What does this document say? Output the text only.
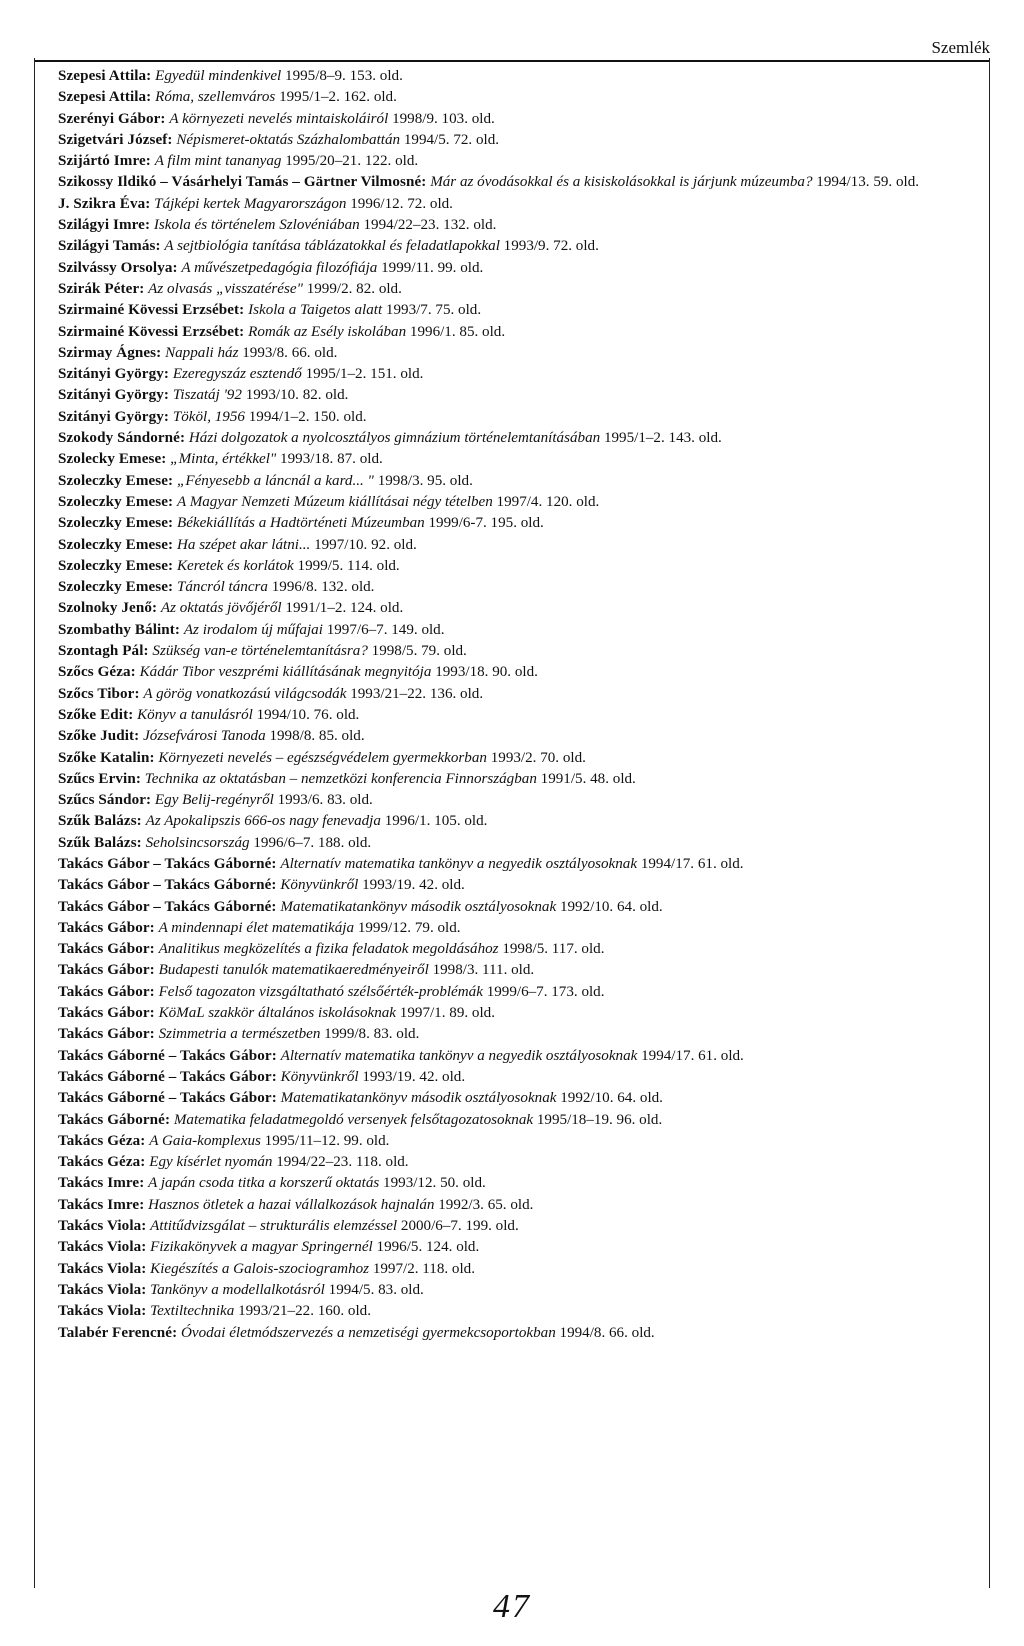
Szemlék

Szepesi Attila: Egyedül mindenkivel 1995/8–9. 153. old.

Szepesi Attila: Róma, szellemváros 1995/1–2. 162. old.

Szerényi Gábor: A környezeti nevelés mintaiskoláiról 1998/9. 103. old.

Szigetvári József: Népismeret-oktatás Százhalombattán 1994/5. 72. old.

Szijártó Imre: A film mint tananyag 1995/20–21. 122. old.

Szikossy Ildikó – Vásárhelyi Tamás – Gärtner Vilmosné: Már az óvodásokkal és a kisiskolásokkal is járjunk múzeumba? 1994/13. 59. old.

J. Szikra Éva: Tájképi kertek Magyarországon 1996/12. 72. old.

Szilágyi Imre: Iskola és történelem Szlovéniában 1994/22–23. 132. old.

Szilágyi Tamás: A sejtbiológia tanítása táblázatokkal és feladatlapokkal 1993/9. 72. old.

Szilvássy Orsolya: A művészetpedagógia filozófiája 1999/11. 99. old.

Szirák Péter: Az olvasás „visszatérése" 1999/2. 82. old.

Szirmainé Kövessi Erzsébet: Iskola a Taigetos alatt 1993/7. 75. old.

Szirmainé Kövessi Erzsébet: Romák az Esély iskolában 1996/1. 85. old.

Szirmay Ágnes: Nappali ház 1993/8. 66. old.

Szitányi György: Ezeregyszáz esztendő 1995/1–2. 151. old.

Szitányi György: Tiszatáj '92 1993/10. 82. old.

Szitányi György: Tököl, 1956 1994/1–2. 150. old.

Szokody Sándorné: Házi dolgozatok a nyolcosztályos gimnázium történelemtanításában 1995/1–2. 143. old.

Szolecky Emese: „Minta, értékkel" 1993/18. 87. old.

Szoleczky Emese: „Fényesebb a láncnál a kard... " 1998/3. 95. old.

Szoleczky Emese: A Magyar Nemzeti Múzeum kiállításai négy tételben 1997/4. 120. old.

Szoleczky Emese: Békekiállítás a Hadtörténeti Múzeumban 1999/6-7. 195. old.

Szoleczky Emese: Ha szépet akar látni... 1997/10. 92. old.

Szoleczky Emese: Keretek és korlátok 1999/5. 114. old.

Szoleczky Emese: Táncról táncra 1996/8. 132. old.

Szolnoky Jenő: Az oktatás jövőjéről 1991/1–2. 124. old.

Szombathy Bálint: Az irodalom új műfajai 1997/6–7. 149. old.

Szontagh Pál: Szükség van-e történelemtanításra? 1998/5. 79. old.

Szőcs Géza: Kádár Tibor veszprémi kiállításának megnyitója 1993/18. 90. old.

Szőcs Tibor: A görög vonatkozású világcsodák 1993/21–22. 136. old.

Szőke Edit: Könyv a tanulásról 1994/10. 76. old.

Szőke Judit: Józsefvárosi Tanoda 1998/8. 85. old.

Szőke Katalin: Környezeti nevelés – egészségvédelem gyermekkorban 1993/2. 70. old.

Szűcs Ervin: Technika az oktatásban – nemzetközi konferencia Finnországban 1991/5. 48. old.

Szűcs Sándor: Egy Belij-regényről 1993/6. 83. old.

Szűk Balázs: Az Apokalipszis 666-os nagy fenevadja 1996/1. 105. old.

Szűk Balázs: Seholsincsország 1996/6–7. 188. old.

Takács Gábor – Takács Gáborné: Alternatív matematika tankönyv a negyedik osztályosoknak 1994/17. 61. old.

Takács Gábor – Takács Gáborné: Könyvünkről 1993/19. 42. old.

Takács Gábor – Takács Gáborné: Matematikatankönyv második osztályosoknak 1992/10. 64. old.

Takács Gábor: A mindennapi élet matematikája 1999/12. 79. old.

Takács Gábor: Analitikus megközelítés a fizika feladatok megoldásához 1998/5. 117. old.

Takács Gábor: Budapesti tanulók matematikaeredményeiről 1998/3. 111. old.

Takács Gábor: Felső tagozaton vizsgáltatható szélsőérték-problémák 1999/6–7. 173. old.

Takács Gábor: KöMaL szakkör általános iskolásoknak 1997/1. 89. old.

Takács Gábor: Szimmetria a természetben 1999/8. 83. old.

Takács Gáborné – Takács Gábor: Alternatív matematika tankönyv a negyedik osztályosoknak 1994/17. 61. old.

Takács Gáborné – Takács Gábor: Könyvünkről 1993/19. 42. old.

Takács Gáborné – Takács Gábor: Matematikatankönyv második osztályosoknak 1992/10. 64. old.

Takács Gáborné: Matematika feladatmegoldó versenyek felsőtagozatosoknak 1995/18–19. 96. old.

Takács Géza: A Gaia-komplexus 1995/11–12. 99. old.

Takács Géza: Egy kísérlet nyomán 1994/22–23. 118. old.

Takács Imre: A japán csoda titka a korszerű oktatás 1993/12. 50. old.

Takács Imre: Hasznos ötletek a hazai vállalkozások hajnalán 1992/3. 65. old.

Takács Viola: Attitűdvizsgálat – strukturális elemzéssel 2000/6–7. 199. old.

Takács Viola: Fizikakönyvek a magyar Springernél 1996/5. 124. old.

Takács Viola: Kiegészítés a Galois-szociogramhoz 1997/2. 118. old.

Takács Viola: Tankönyv a modellalkotásról 1994/5. 83. old.

Takács Viola: Textiltechnika 1993/21–22. 160. old.

Talabér Ferencné: Óvodai életmódszervezés a nemzetiségi gyermekcsoportokban 1994/8. 66. old.

47
